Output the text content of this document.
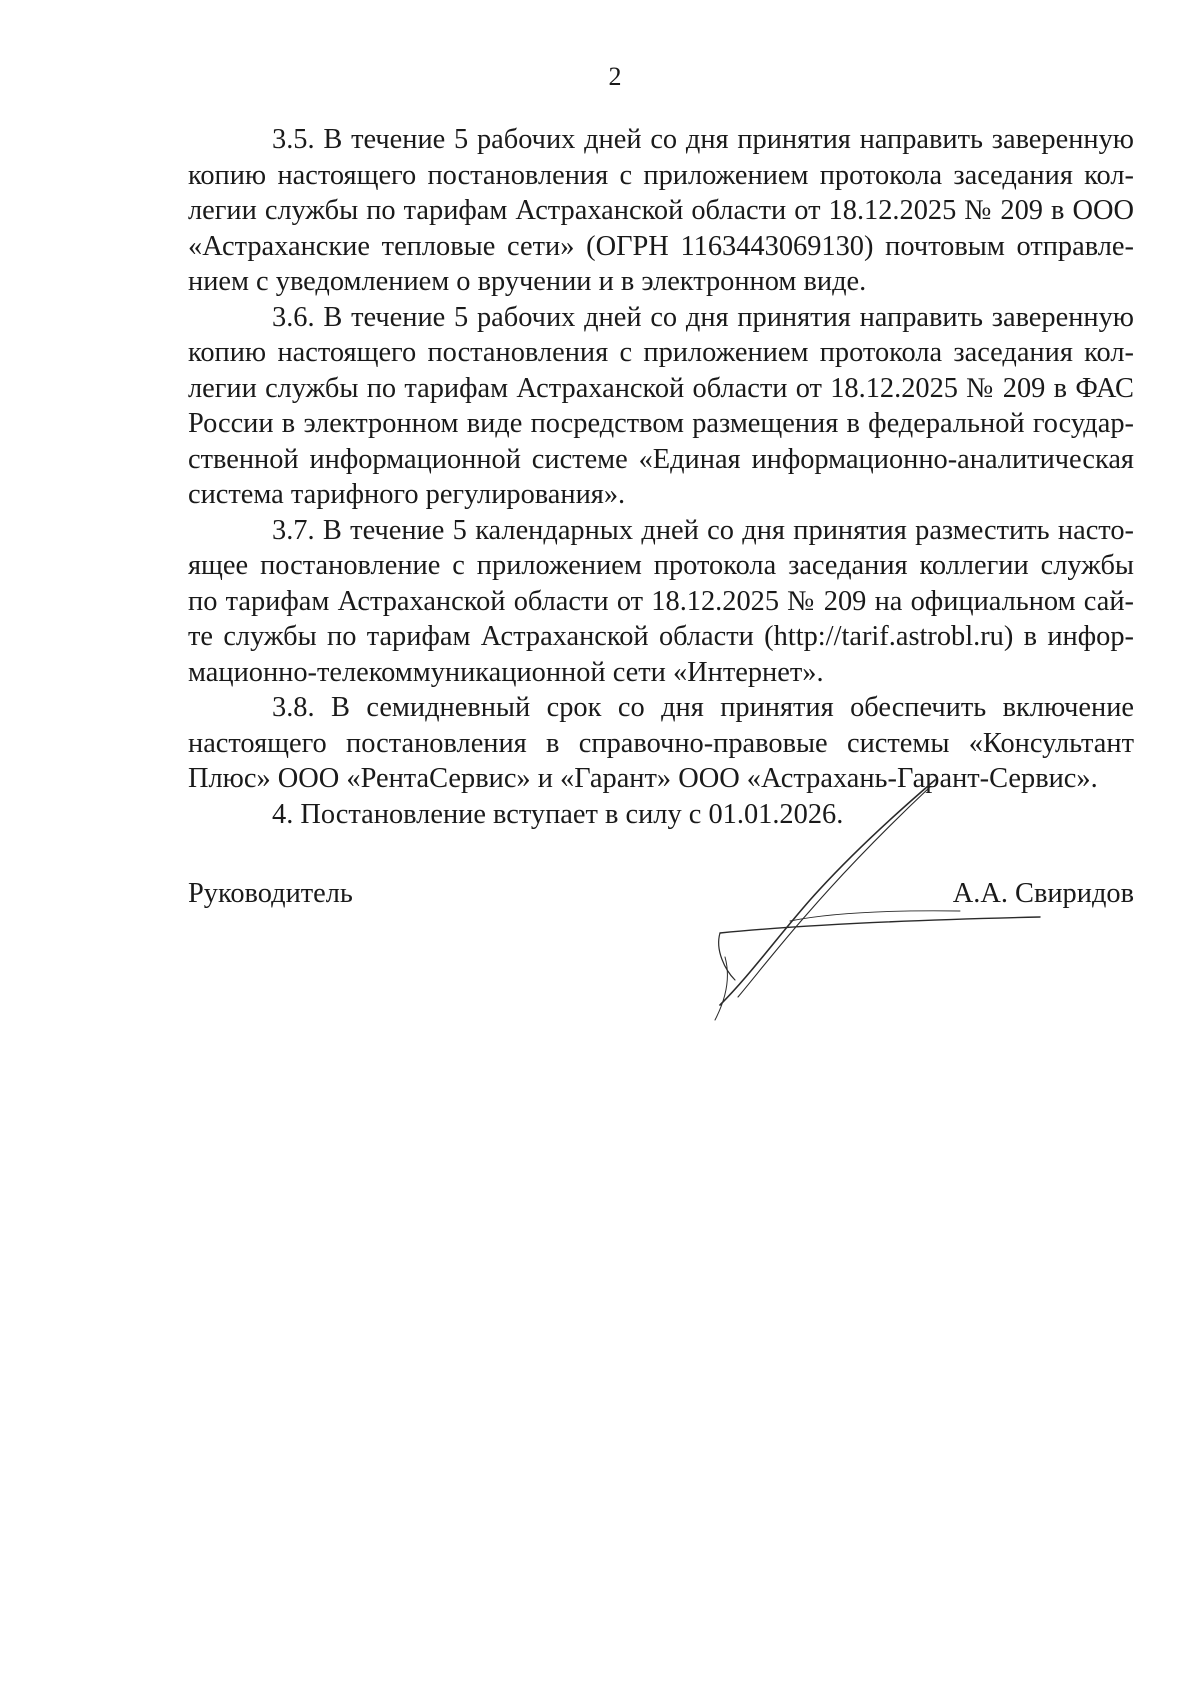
2

3.5. В течение 5 рабочих дней со дня принятия направить заверенную копию настоящего постановления с приложением протокола заседания коллегии службы по тарифам Астраханской области от 18.12.2025 № 209 в ООО «Астраханские тепловые сети» (ОГРН 1163443069130) почтовым отправлением с уведомлением о вручении и в электронном виде.

3.6. В течение 5 рабочих дней со дня принятия направить заверенную копию настоящего постановления с приложением протокола заседания коллегии службы по тарифам Астраханской области от 18.12.2025 № 209 в ФАС России в электронном виде посредством размещения в федеральной государственной информационной системе «Единая информационно-аналитическая система тарифного регулирования».

3.7. В течение 5 календарных дней со дня принятия разместить настоящее постановление с приложением протокола заседания коллегии службы по тарифам Астраханской области от 18.12.2025 № 209 на официальном сайте службы по тарифам Астраханской области (http://tarif.astrobl.ru) в информационно-телекоммуникационной сети «Интернет».

3.8. В семидневный срок со дня принятия обеспечить включение настоящего постановления в справочно-правовые системы «Консультант Плюс» ООО «РентаСервис» и «Гарант» ООО «Астрахань-Гарант-Сервис».

4. Постановление вступает в силу с 01.01.2026.

Руководитель	А.А. Свиридов
